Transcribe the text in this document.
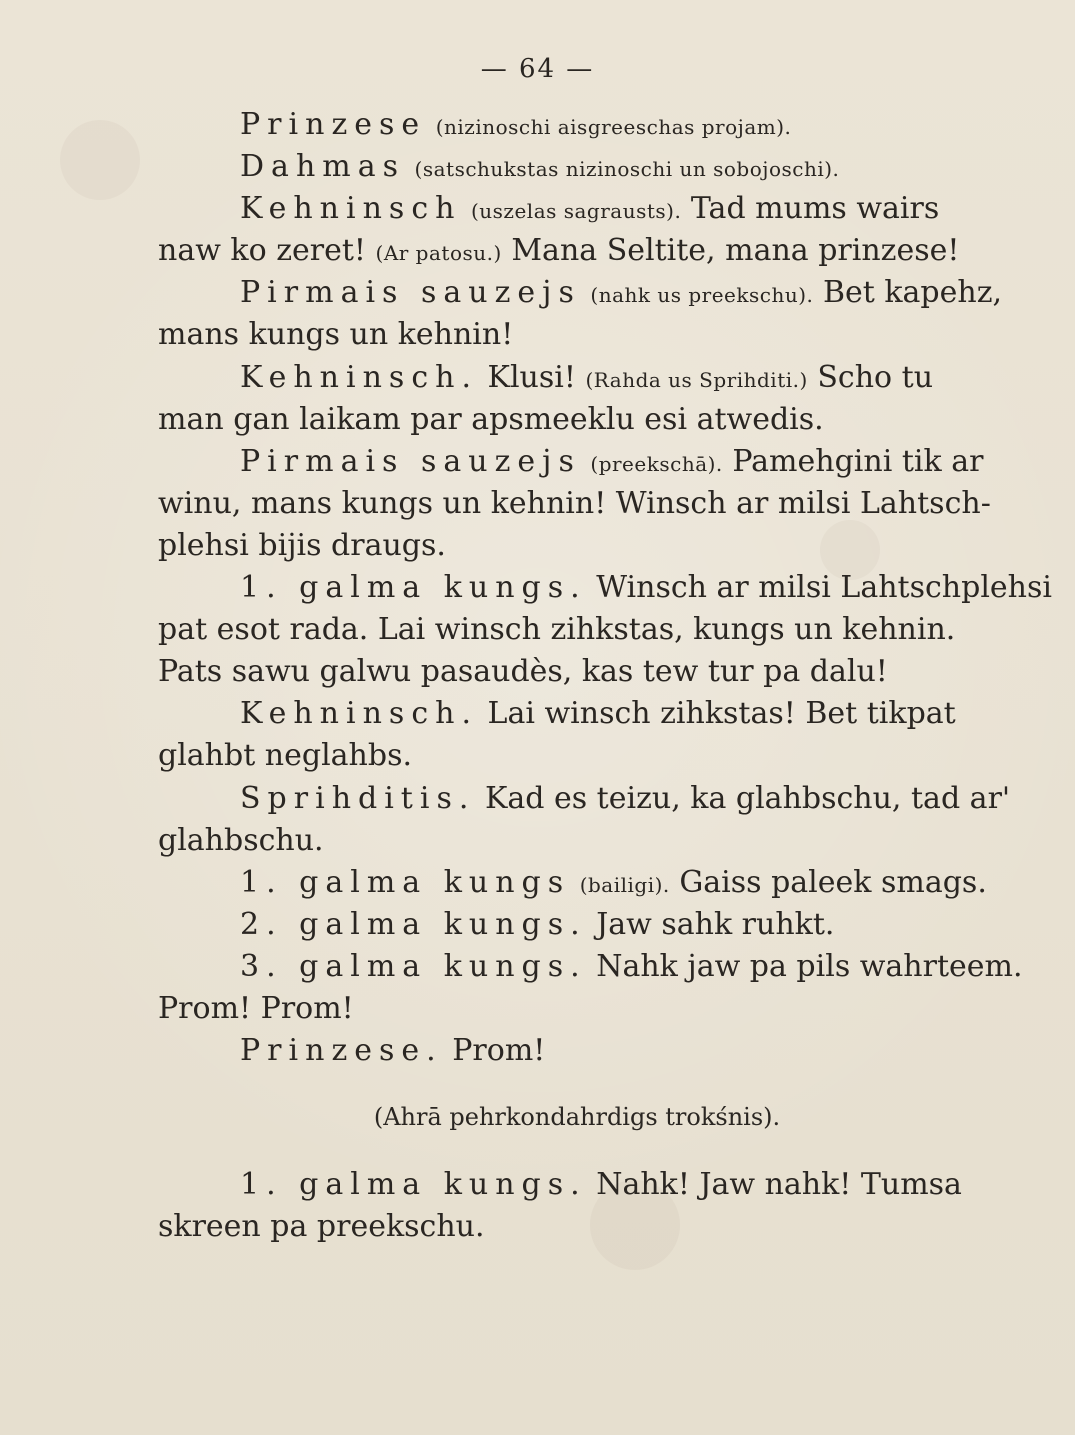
— 64 —
Prinzese (nizinoschi aisgreeschas projam).
Dahmas (satschukstas nizinoschi un sobojoschi).
Kehninsch (uszelas sagrausts). Tad mums wairs
naw ko zeret! (Ar patosu.) Mana Seltite, mana prinzese!
Pirmais sauzejs (nahk us preekschu). Bet kapehz,
mans kungs un kehnin!
Kehninsch. Klusi! (Rahda us Sprihditi.) Scho tu
man gan laikam par apsmeeklu esi atwedis.
Pirmais sauzejs (preekschā). Pamehgini tik ar
winu, mans kungs un kehnin! Winsch ar milsi Lahtsch-
plehsi bijis draugs.
1. galma kungs. Winsch ar milsi Lahtschplehsi
pat esot rada. Lai winsch zihkstas, kungs un kehnin.
Pats sawu galwu pasaudès, kas tew tur pa dalu!
Kehninsch. Lai winsch zihkstas! Bet tikpat
glahbt neglahbs.
Sprihditis. Kad es teizu, ka glahbschu, tad ar'
glahbschu.
1. galma kungs (bailigi). Gaiss paleek smags.
2. galma kungs. Jaw sahk ruhkt.
3. galma kungs. Nahk jaw pa pils wahrteem.
Prom! Prom!
Prinzese. Prom!
(Ahrā pehrkondahrdigs trokśnis).
1. galma kungs. Nahk! Jaw nahk! Tumsa
skreen pa preekschu.
